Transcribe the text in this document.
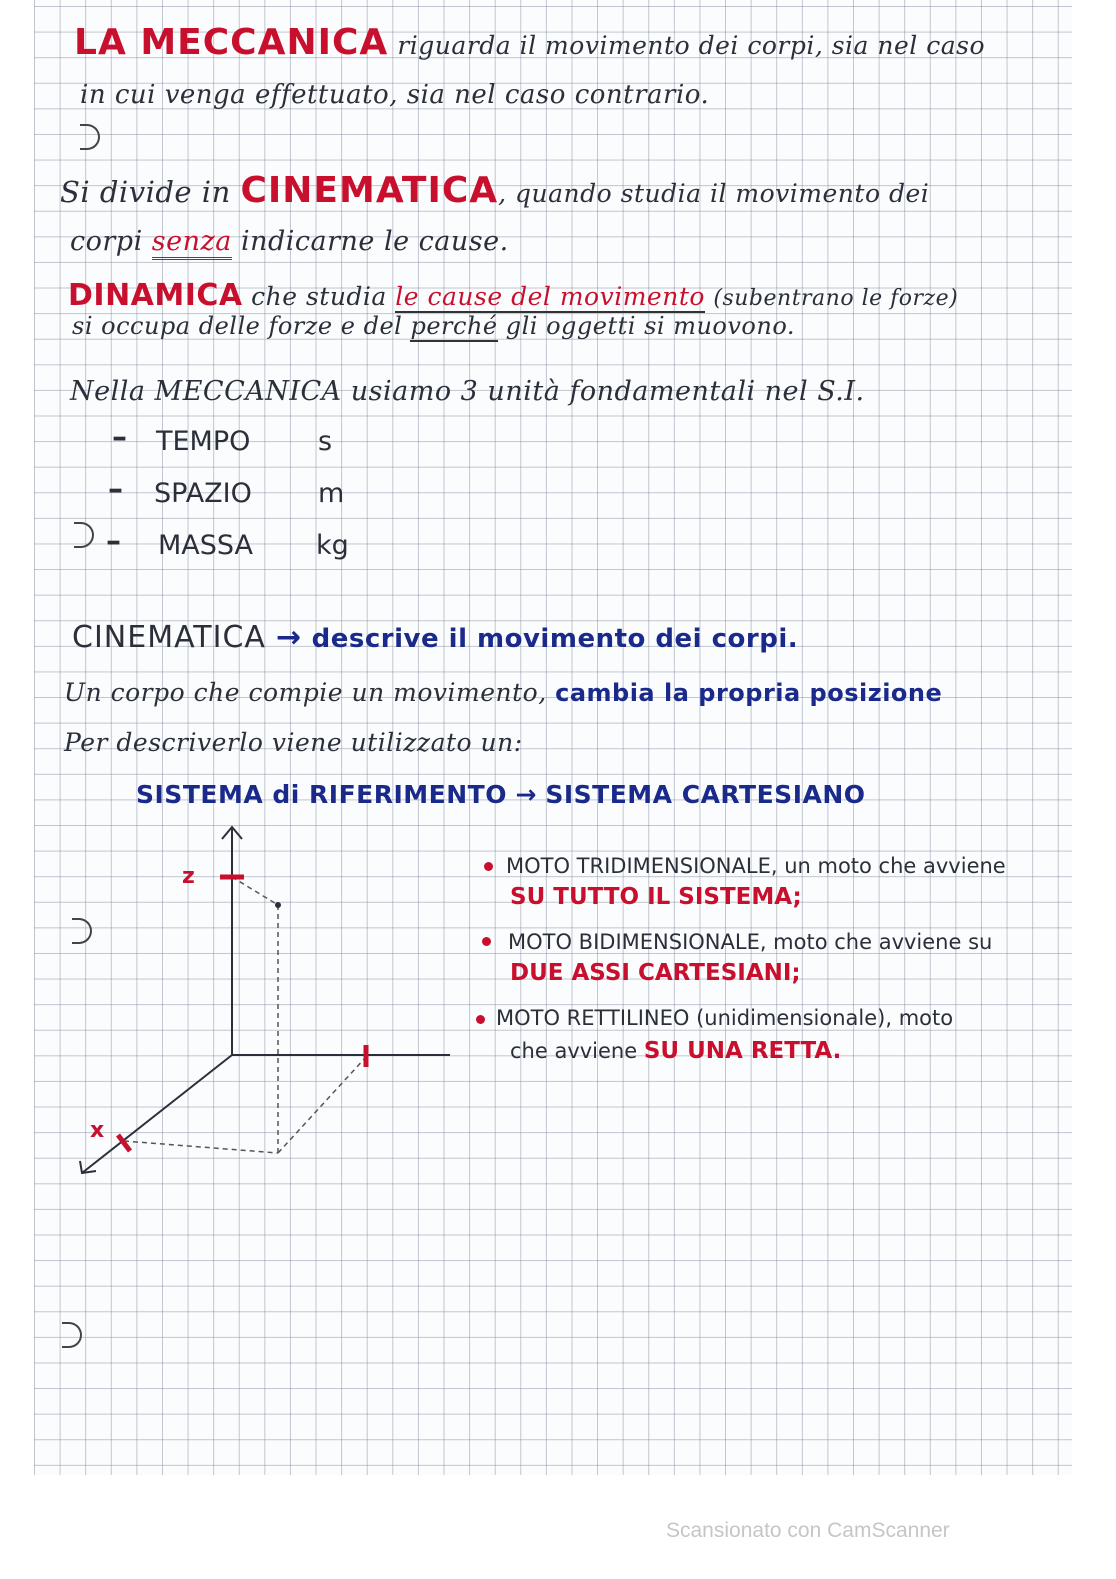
LA MECCANICA riguarda il movimento dei corpi, sia nel caso
in cui venga effettuato, sia nel caso contrario.
Si divide in CINEMATICA, quando studia il movimento dei
corpi senza indicarne le cause.
DINAMICA che studia le cause del movimento (subentrano le forze)
si occupa delle forze e del perché gli oggetti si muovono.
Nella MECCANICA usiamo 3 unità fondamentali nel S.I.
– TEMPO	s
– SPAZIO m
– MASSA kg
CINEMATICA → descrive il movimento dei corpi.
Un corpo che compie un movimento, cambia la propria posizione
Per descriverlo viene utilizzato un:
SISTEMA di RIFERIMENTO → SISTEMA CARTESIANO
z
x
MOTO TRIDIMENSIONALE, un moto che avviene
SU TUTTO IL SISTEMA;
MOTO BIDIMENSIONALE, moto che avviene su
DUE ASSI CARTESIANI;
MOTO RETTILINEO (unidimensionale), moto
che avviene SU UNA RETTA.
Scansionato con CamScanner
